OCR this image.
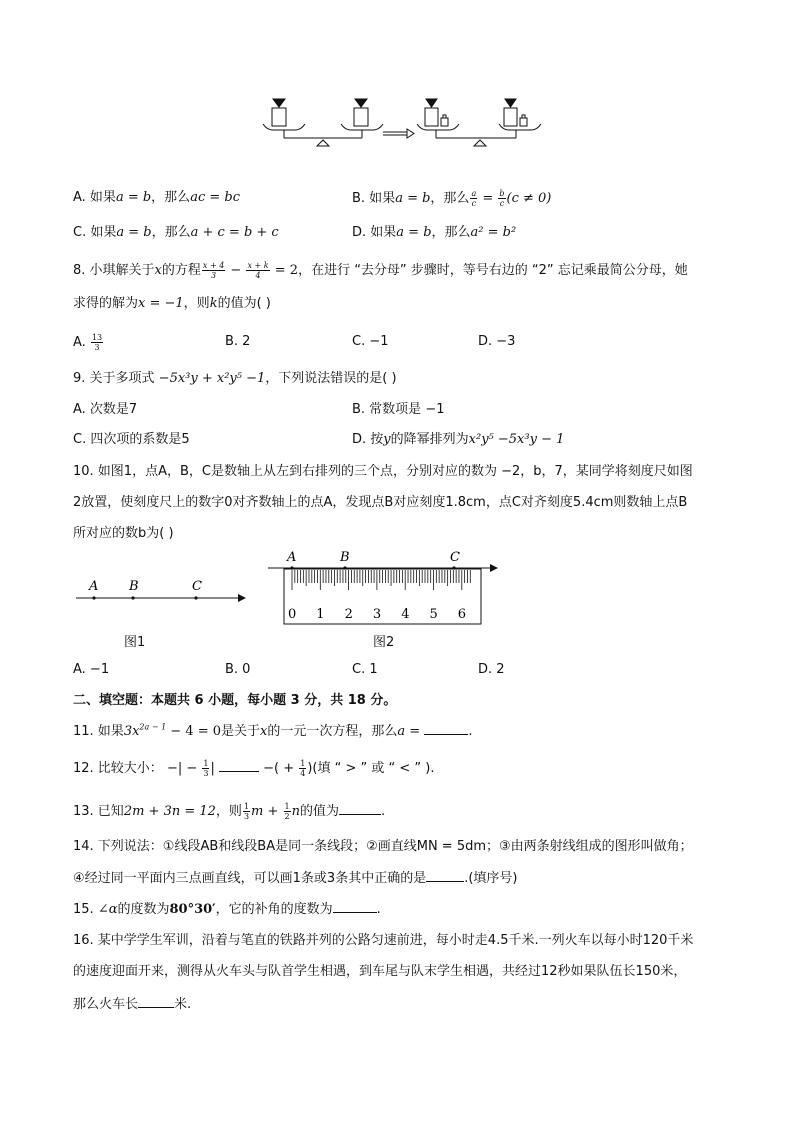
A. 如果a = b，那么ac = bc	B. 如果a = b，那么 $\frac{a}{c} = \frac{b}{c} (c \ne 0)$
C. 如果a = b，那么a + c = b + c	D. 如果a = b，那么a² = b²
8. 小琪解关于x的方程 $\frac{x + 4}{3} - \frac{x + k}{4} = 2$，在进行 “去分母” 步骤时，等号右边的 “2” 忘记乘最简公分母，她
求得的解为x = −1，则k的值为( )
A. $\frac{13}{3}$	B. 2	C. −1	D. −3
9. 关于多项式 −5x³y + x²y⁵ −1，下列说法错误的是( )
A. 次数是7	B. 常数项是 −1
C. 四次项的系数是5	D. 按y的降幂排列为x²y⁵ −5x³y − 1
10. 如图1，点A，B，C是数轴上从左到右排列的三个点，分别对应的数为 −2，b，7，某同学将刻度尺如图
2放置，使刻度尺上的数字0对齐数轴上的点A，发现点B对应刻度1.8cm，点C对齐刻度5.4cm则数轴上点B
所对应的数b为( )
A B	C
图1
0 1 2 3 4 5 6
A	B	C
图2
A. −1	B. 0	C. 1	D. 2
二、填空题：本题共 6 小题，每小题 3 分，共 18 分。
11. 如果$3x^{2a - 1} - 4 = 0$是关于x的一元一次方程，那么a =	.
12. 比较大小： −| − $\frac{1}{3}$ |	−( + $\frac{1}{4}$ )(填 “ > ” 或 “ < ” ).
13. 已知2m + 3n = 12，则 $\frac{1}{3}$ $m + \frac{1}{2}$ n的值为	.
14. 下列说法：①线段AB和线段BA是同一条线段；②画直线MN = 5dm；③由两条射线组成的图形叫做角；
④经过同一平面内三点画直线，可以画1条或3条其中正确的是	.(填序号)
15. ∠α的度数为80°30′，它的补角的度数为	.
16. 某中学学生军训，沿着与笔直的铁路并列的公路匀速前进，每小时走4.5千米.一列火车以每小时120千米
的速度迎面开来，测得从火车头与队首学生相遇，到车尾与队末学生相遇，共经过12秒如果队伍长150米，
那么火车长	米.
